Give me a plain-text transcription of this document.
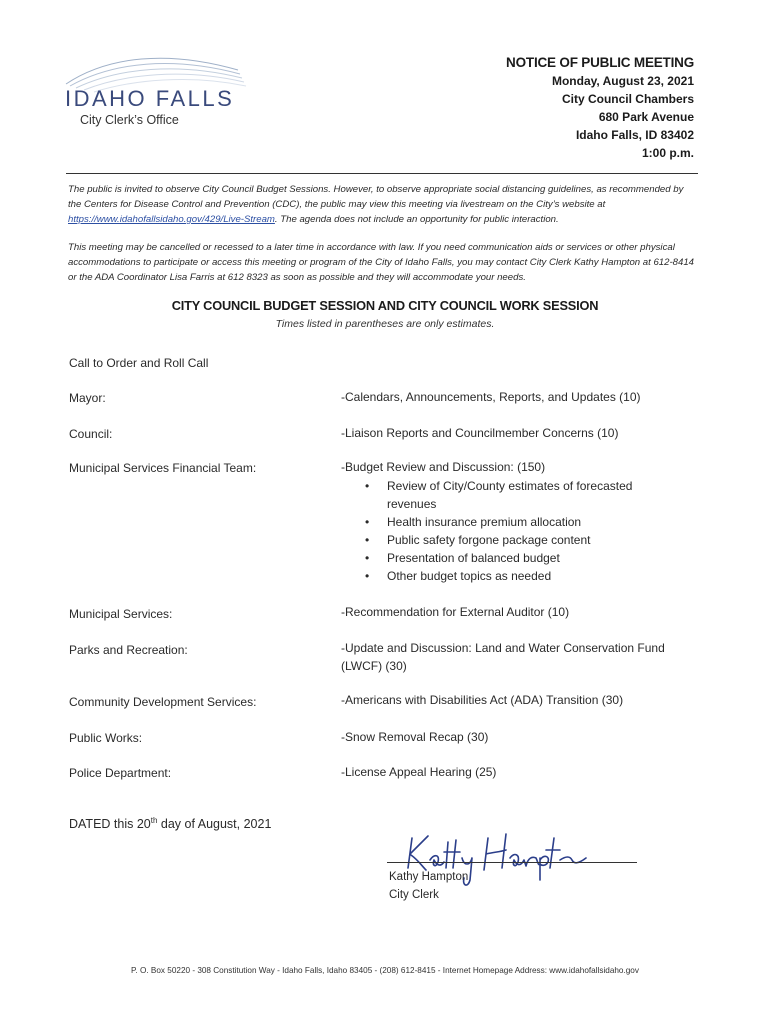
IDAHO FALLS
City Clerk’s Office
NOTICE OF PUBLIC MEETING
Monday, August 23, 2021
City Council Chambers
680 Park Avenue
Idaho Falls, ID 83402
1:00 p.m.
The public is invited to observe City Council Budget Sessions. However, to observe appropriate social distancing guidelines, as recommended by the Centers for Disease Control and Prevention (CDC), the public may view this meeting via livestream on the City’s website at https://www.idahofallsidaho.gov/429/Live-Stream. The agenda does not include an opportunity for public interaction.
This meeting may be cancelled or recessed to a later time in accordance with law. If you need communication aids or services or other physical accommodations to participate or access this meeting or program of the City of Idaho Falls, you may contact City Clerk Kathy Hampton at 612-8414 or the ADA Coordinator Lisa Farris at 612 8323 as soon as possible and they will accommodate your needs.
CITY COUNCIL BUDGET SESSION AND CITY COUNCIL WORK SESSION
Times listed in parentheses are only estimates.
Call to Order and Roll Call
Mayor:	-Calendars, Announcements, Reports, and Updates (10)
Council:	-Liaison Reports and Councilmember Concerns (10)
Municipal Services Financial Team:	-Budget Review and Discussion: (150)
• Review of City/County estimates of forecasted revenues
• Health insurance premium allocation
• Public safety forgone package content
• Presentation of balanced budget
• Other budget topics as needed
Municipal Services:	-Recommendation for External Auditor (10)
Parks and Recreation:	-Update and Discussion: Land and Water Conservation Fund (LWCF) (30)
Community Development Services:	-Americans with Disabilities Act (ADA) Transition (30)
Public Works:	-Snow Removal Recap (30)
Police Department:	-License Appeal Hearing (25)
DATED this 20th day of August, 2021
Kathy Hampton
City Clerk
P. O. Box 50220 - 308 Constitution Way - Idaho Falls, Idaho 83405 - (208) 612-8415 - Internet Homepage Address: www.idahofallsidaho.gov
